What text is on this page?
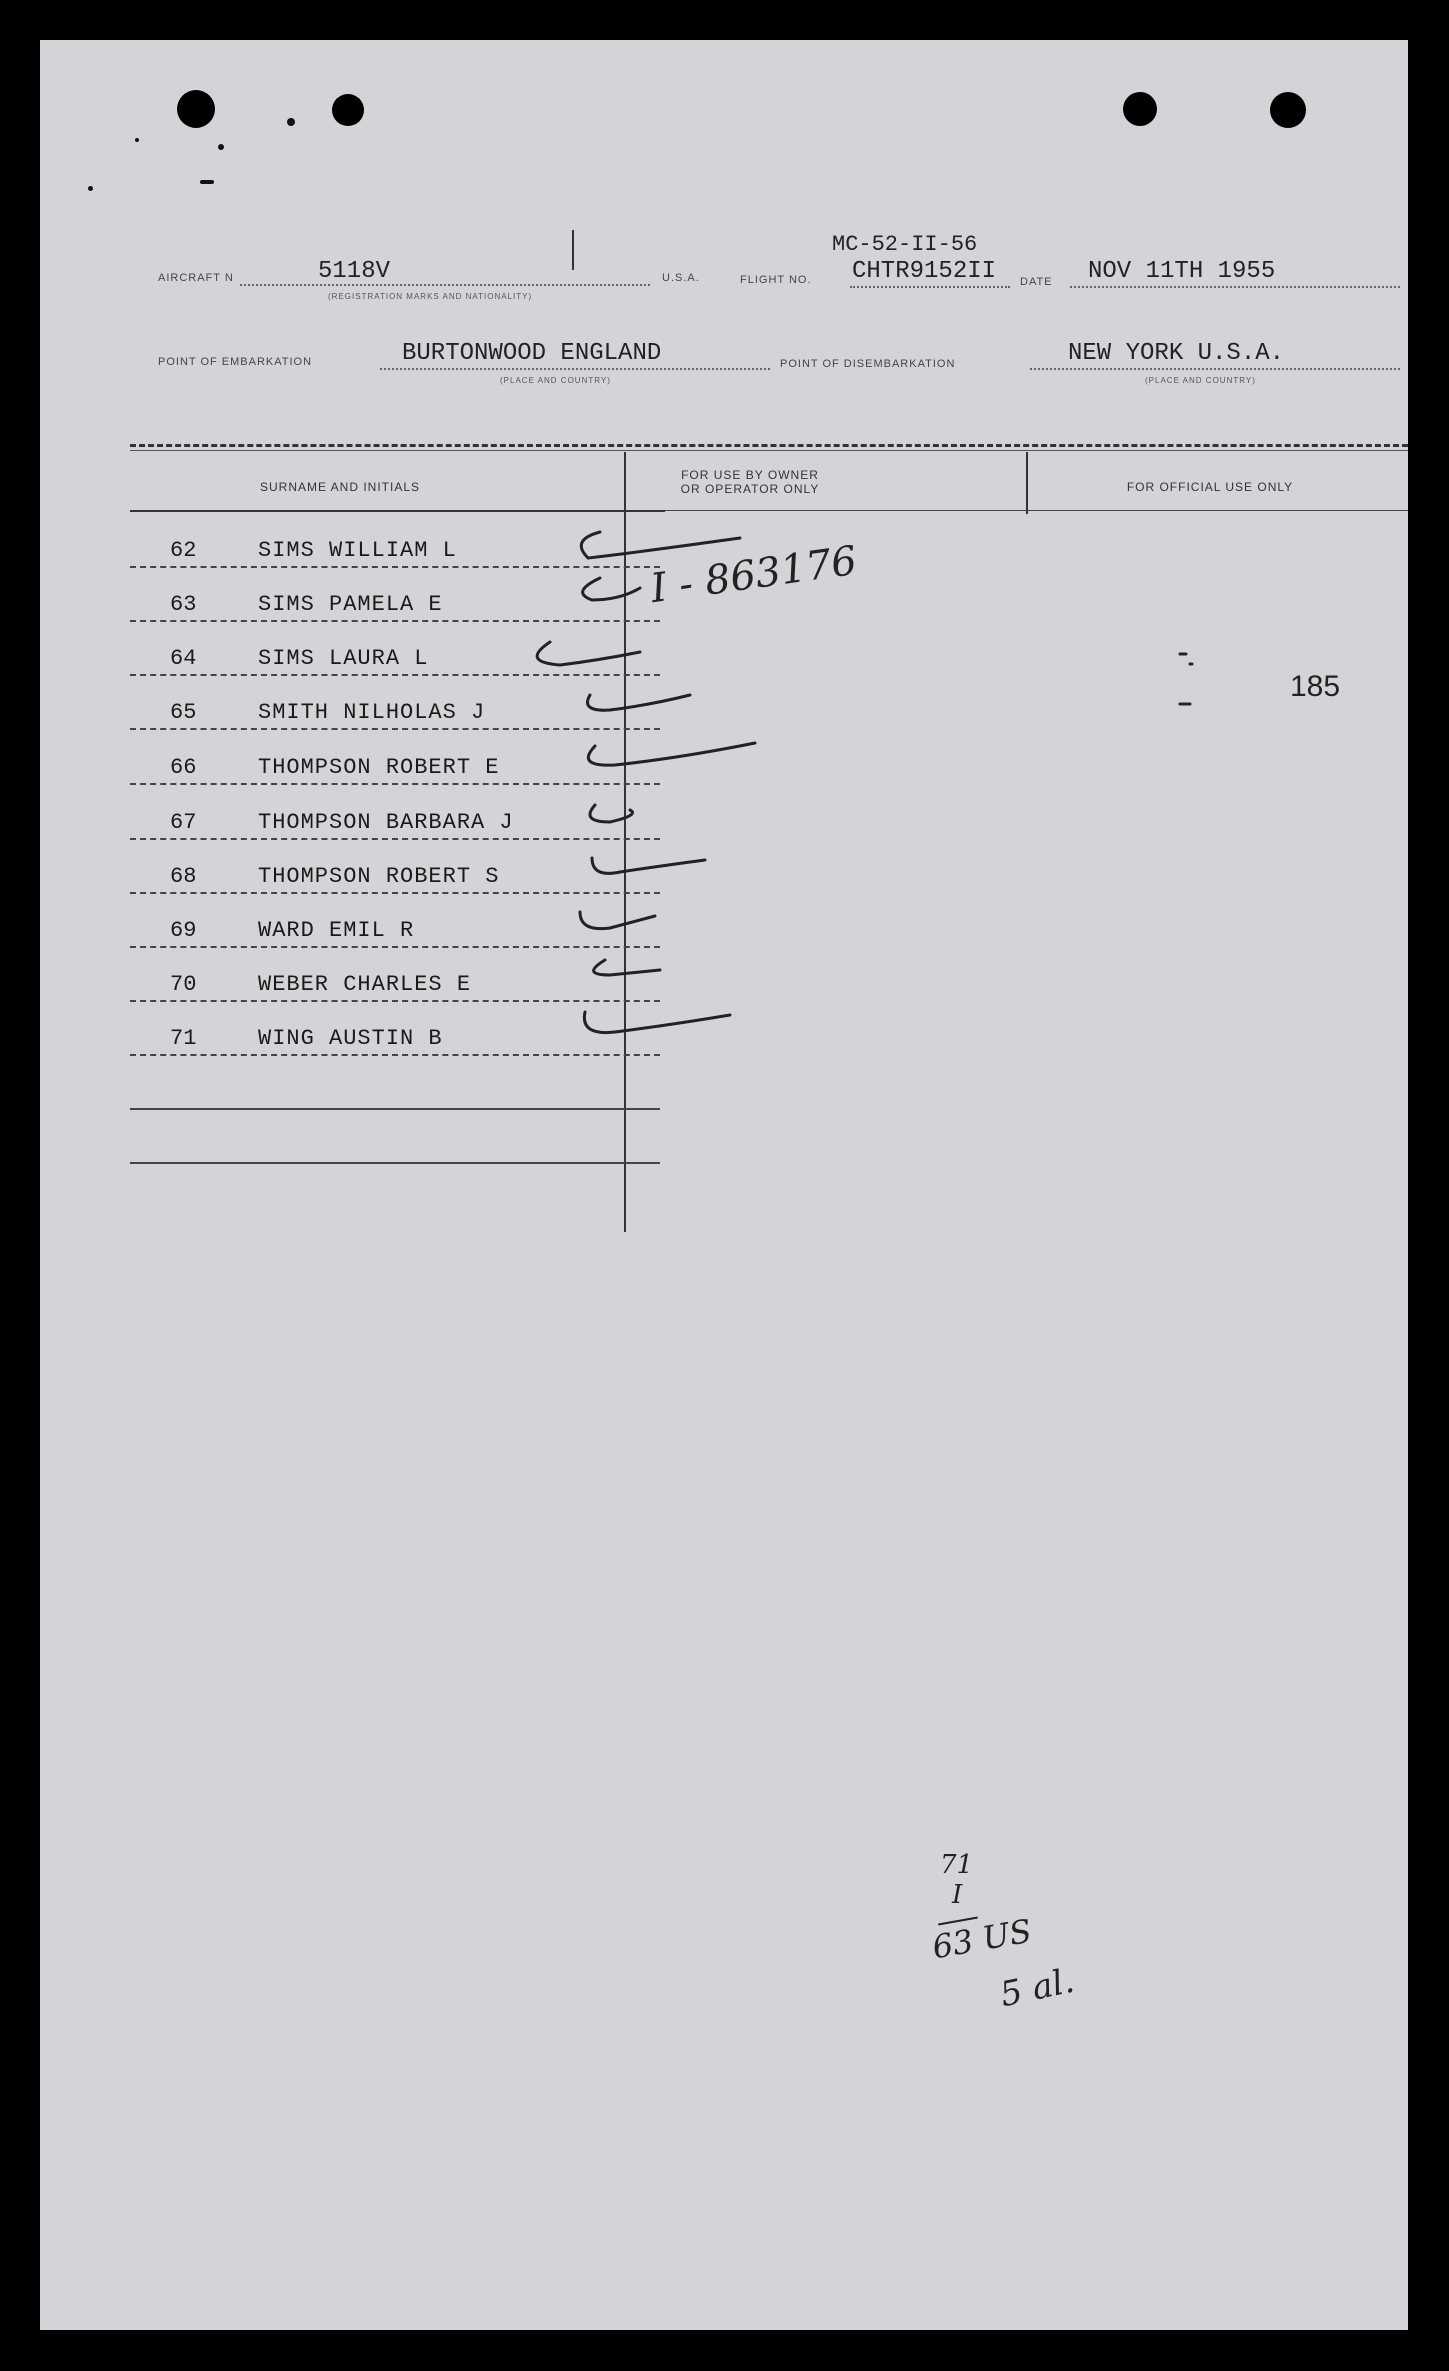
AIRCRAFT N	5118V
(REGISTRATION MARKS AND NATIONALITY)
U.S.A.	FLIGHT NO.
MC-52-II-56
CHTR9152II DATE NOV 11TH 1955
POINT OF EMBARKATION	BURTONWOOD ENGLAND
(PLACE AND COUNTRY)
POINT OF DISEMBARKATION	NEW YORK U.S.A.
(PLACE AND COUNTRY)
SURNAME AND INITIALS
FOR USE BY OWNER
OR OPERATOR ONLY	FOR OFFICIAL USE ONLY
62	SIMS WILLIAM L
63	SIMS PAMELA E
64	SIMS LAURA L
65	SMITH NILHOLAS J
66	THOMPSON ROBERT E
67	THOMPSON BARBARA J
68	THOMPSON ROBERT S
69	WARD EMIL R
70	WEBER CHARLES E
71	WING AUSTIN B
I - 863176
185
71
I
63 US
5 al.
